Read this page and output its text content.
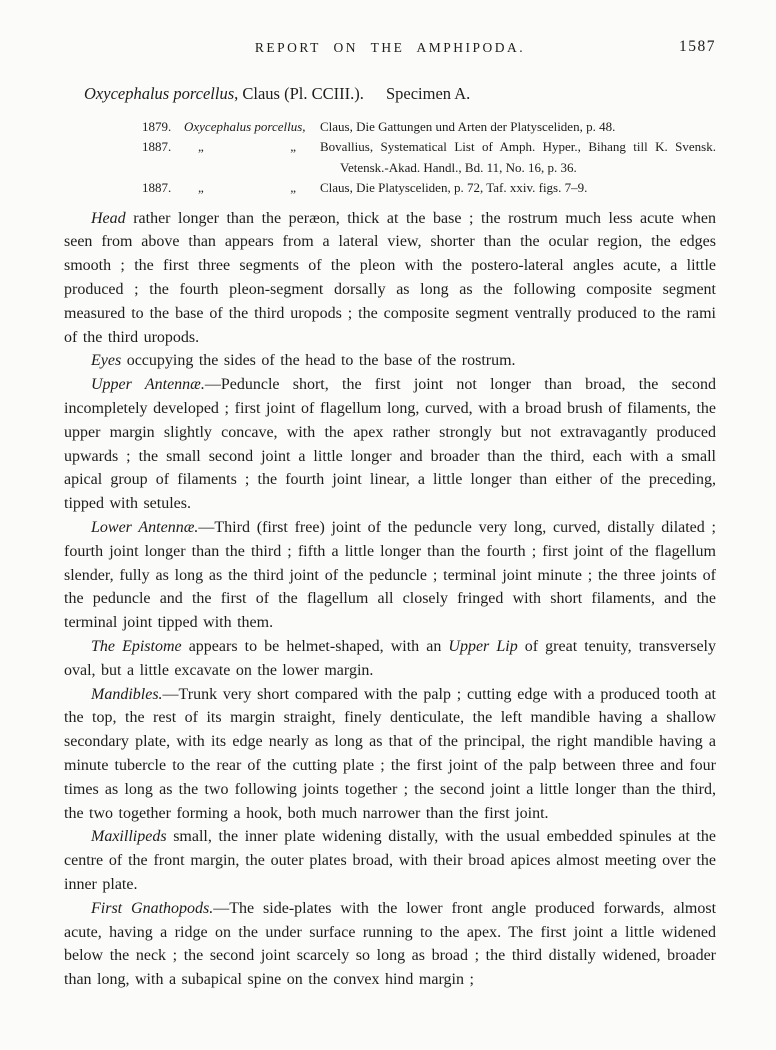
REPORT ON THE AMPHIPODA.	1587
Oxycephalus porcellus, Claus (Pl. CCIII.). Specimen A.
1879. Oxycephalus porcellus,	Claus, Die Gattungen und Arten der Platysceliden, p. 48.
1887.	„	„ Bovallius, Systematical List of Amph. Hyper., Bihang till K. Svensk. Vetensk.-Akad. Handl., Bd. 11, No. 16, p. 36.
1887.	„	„ Claus, Die Platysceliden, p. 72, Taf. xxiv. figs. 7–9.

Head rather longer than the peræon, thick at the base ; the rostrum much less acute when seen from above than appears from a lateral view, shorter than the ocular region, the edges smooth ; the first three segments of the pleon with the postero-lateral angles acute, a little produced ; the fourth pleon-segment dorsally as long as the following composite segment measured to the base of the third uropods ; the composite segment ventrally produced to the rami of the third uropods.

Eyes occupying the sides of the head to the base of the rostrum.

Upper Antennæ.—Peduncle short, the first joint not longer than broad, the second incompletely developed ; first joint of flagellum long, curved, with a broad brush of filaments, the upper margin slightly concave, with the apex rather strongly but not extravagantly produced upwards ; the small second joint a little longer and broader than the third, each with a small apical group of filaments ; the fourth joint linear, a little longer than either of the preceding, tipped with setules.

Lower Antennæ.—Third (first free) joint of the peduncle very long, curved, distally dilated ; fourth joint longer than the third ; fifth a little longer than the fourth ; first joint of the flagellum slender, fully as long as the third joint of the peduncle ; terminal joint minute ; the three joints of the peduncle and the first of the flagellum all closely fringed with short filaments, and the terminal joint tipped with them.

The Epistome appears to be helmet-shaped, with an Upper Lip of great tenuity, transversely oval, but a little excavate on the lower margin.

Mandibles.—Trunk very short compared with the palp ; cutting edge with a produced tooth at the top, the rest of its margin straight, finely denticulate, the left mandible having a shallow secondary plate, with its edge nearly as long as that of the principal, the right mandible having a minute tubercle to the rear of the cutting plate ; the first joint of the palp between three and four times as long as the two following joints together ; the second joint a little longer than the third, the two together forming a hook, both much narrower than the first joint.

Maxillipeds small, the inner plate widening distally, with the usual embedded spinules at the centre of the front margin, the outer plates broad, with their broad apices almost meeting over the inner plate.

First Gnathopods.—The side-plates with the lower front angle produced forwards, almost acute, having a ridge on the under surface running to the apex. The first joint a little widened below the neck ; the second joint scarcely so long as broad ; the third distally widened, broader than long, with a subapical spine on the convex hind margin ;
